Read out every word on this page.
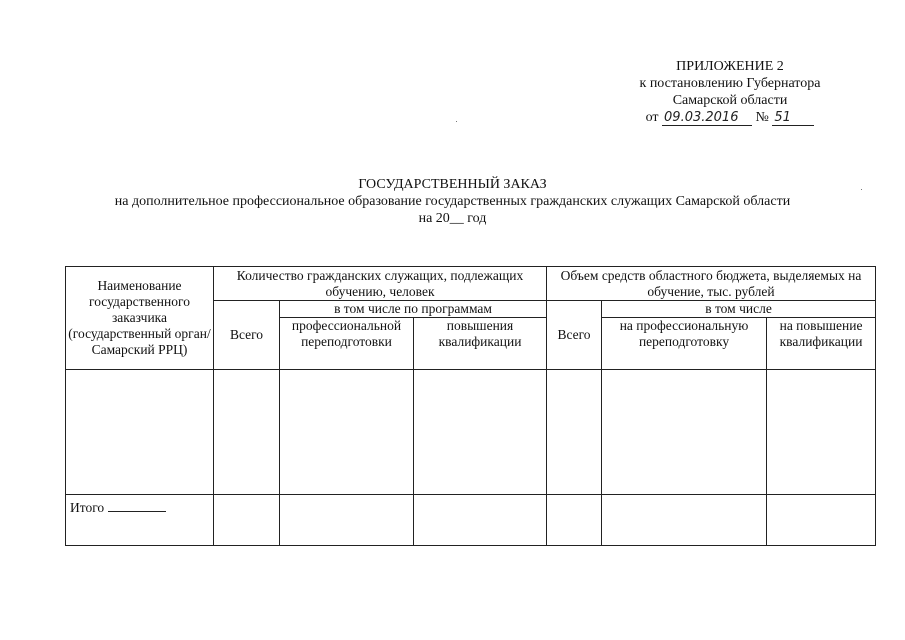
ПРИЛОЖЕНИЕ 2
к постановлению Губернатора
Самарской области
от 09.03.2016 № 51
ГОСУДАРСТВЕННЫЙ ЗАКАЗ
на дополнительное профессиональное образование государственных гражданских служащих Самарской области
на 20__ год
Наименование государственного заказчика (государственный орган/Самарский РРЦ)	Количество гражданских служащих, подлежащих обучению, человек			Объем средств областного бюджета, выделяемых на обучение, тыс. рублей		
	Всего	в том числе по программам		Всего	в том числе	
		профессиональной переподготовки	повышения квалификации		на профессиональную переподготовку	на повышение квалификации

Итого						
